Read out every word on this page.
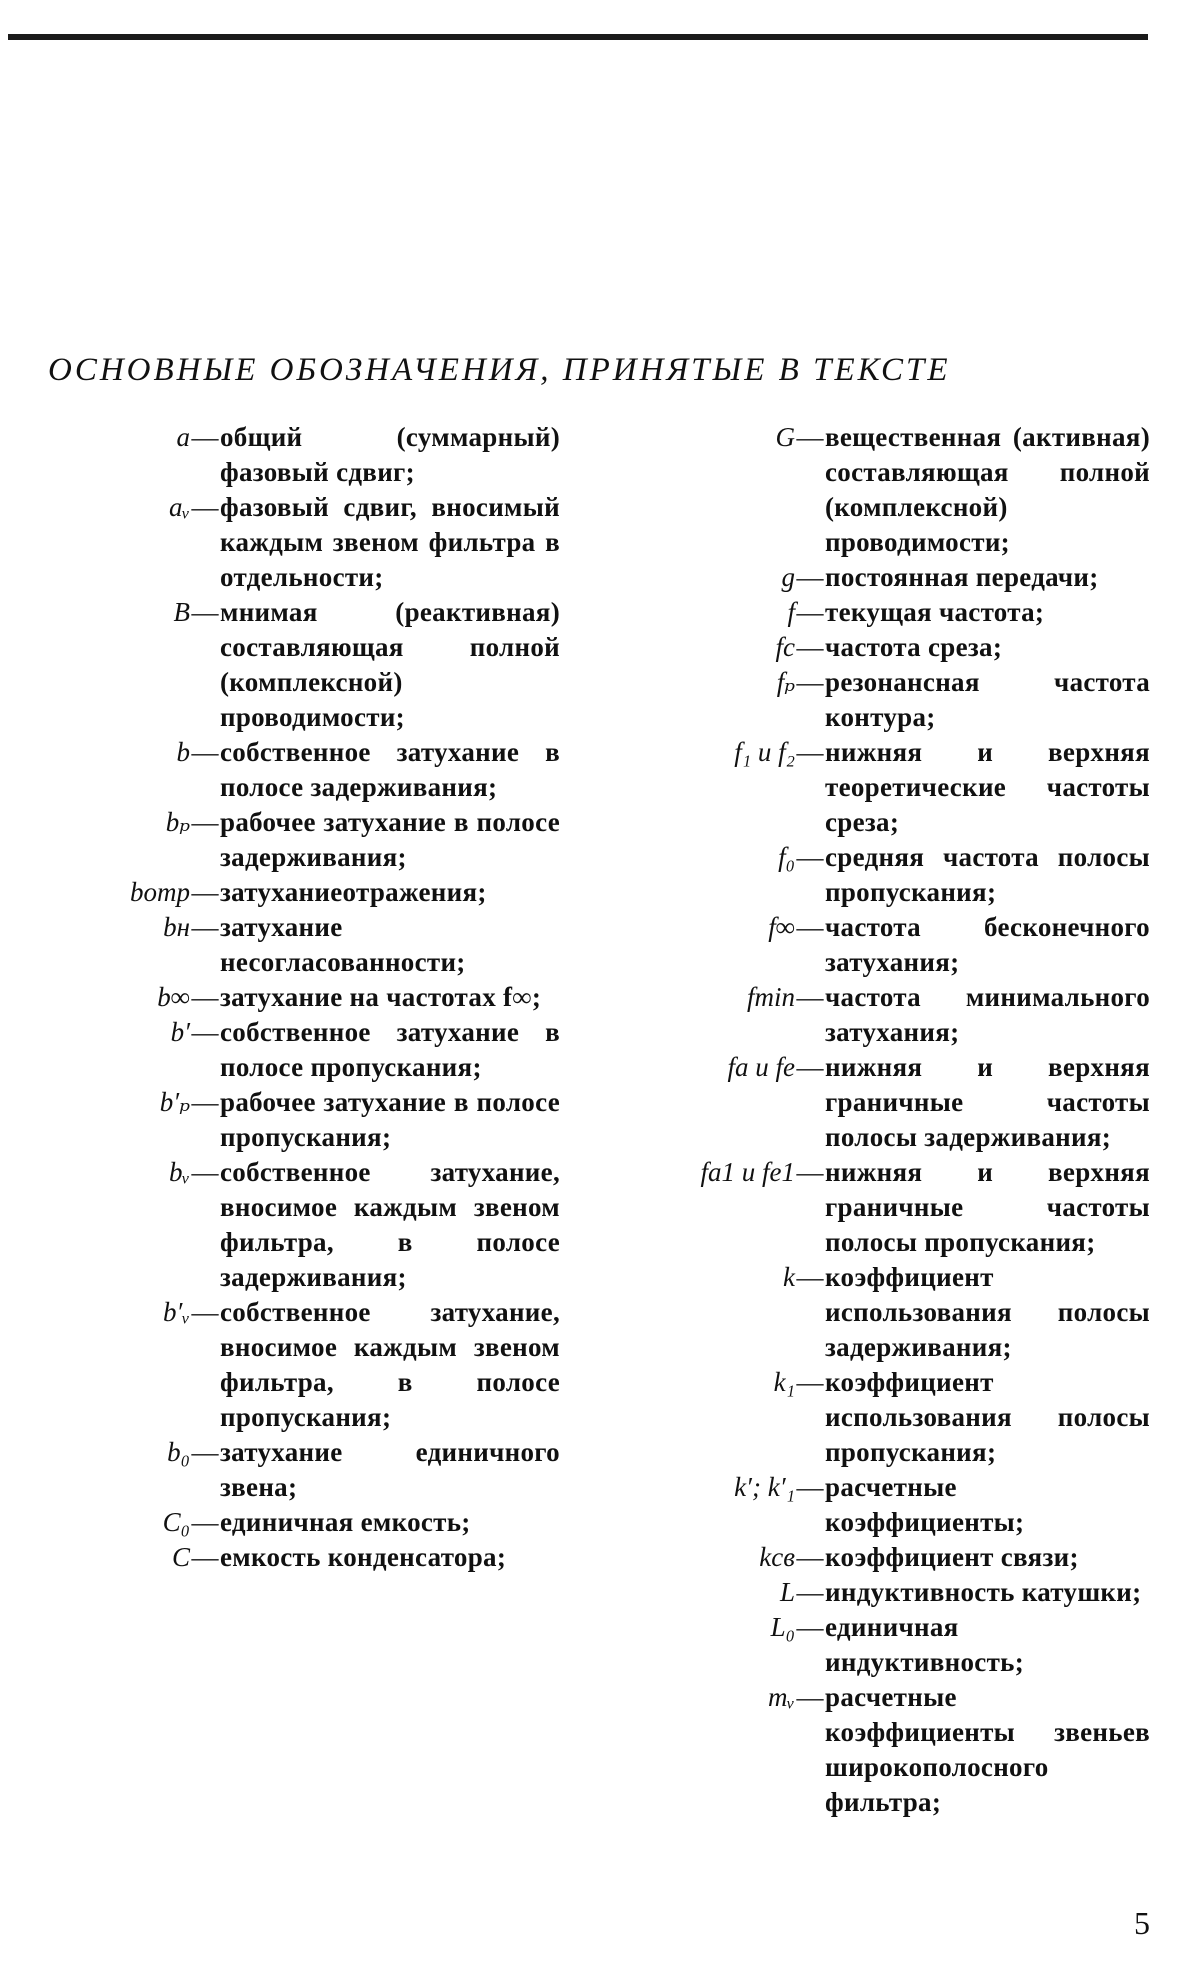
ОСНОВНЫЕ ОБОЗНАЧЕНИЯ, ПРИНЯТЫЕ В ТЕКСТЕ
a — общий (суммарный) фазовый сдвиг;
aᵥ — фазовый сдвиг, вносимый каждым звеном фильтра в отдельности;
B — мнимая (реактивная) составляющая полной (комплексной) проводимости;
b — собственное затухание в полосе задерживания;
bₚ — рабочее затухание в полосе задерживания;
bотр — затуханиеотражения;
bн — затухание несогласованности;
b∞ — затухание на частотах f∞;
b′ — собственное затухание в полосе пропускания;
b′ₚ — рабочее затухание в полосе пропускания;
bᵥ — собственное затухание, вносимое каждым звеном фильтра, в полосе задерживания;
b′ᵥ — собственное затухание, вносимое каждым звеном фильтра, в полосе пропускания;
b₀ — затухание единичного звена;
C₀ — единичная емкость;
C — емкость конденсатора;
G — вещественная (активная) составляющая полной (комплексной) проводимости;
g — постоянная передачи;
f — текущая частота;
fс — частота среза;
fₚ — резонансная частота контура;
f₁ и f₂ — нижняя и верхняя теоретические частоты среза;
f₀ — средняя частота полосы пропускания;
f∞ — частота бесконечного затухания;
fmin — частота минимального затухания;
fa и fe — нижняя и верхняя граничные частоты полосы задерживания;
fa1 и fe1 — нижняя и верхняя граничные частоты полосы пропускания;
k — коэффициент использования полосы задерживания;
k₁ — коэффициент использования полосы пропускания;
k′; k′₁ — расчетные коэффициенты;
kсв — коэффициент связи;
L — индуктивность катушки;
L₀ — единичная индуктивность;
mᵥ — расчетные коэффициенты звеньев широкополосного фильтра;
5
